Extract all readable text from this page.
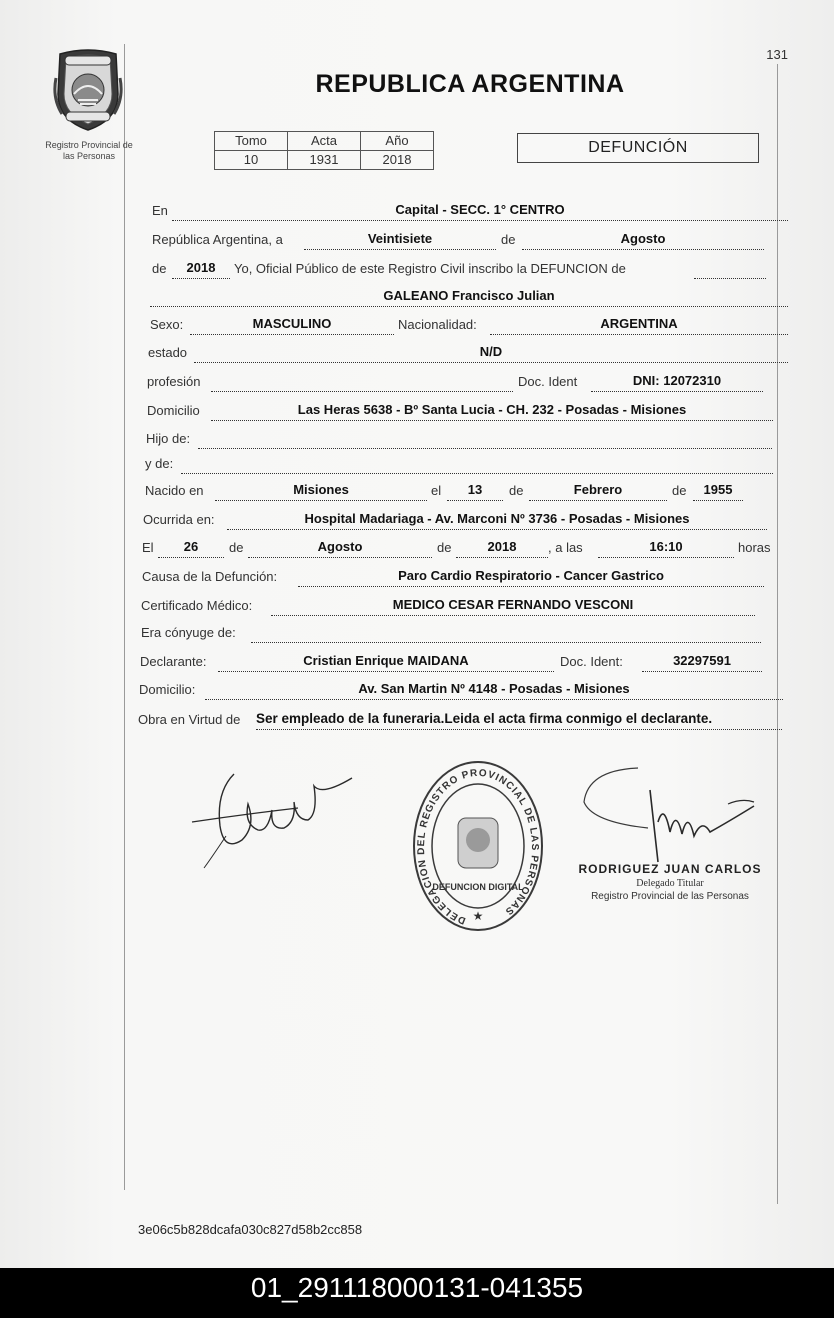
131
Registro Provincial de
las Personas
REPUBLICA ARGENTINA
Tomo	Acta	Año
10	1931	2018
DEFUNCIÓN
En	Capital - SECC. 1° CENTRO
República Argentina, a	Veintisiete	de	Agosto
de	2018	Yo, Oficial Público de este Registro Civil inscribo la DEFUNCION de
GALEANO Francisco Julian
Sexo:	MASCULINO	Nacionalidad:	ARGENTINA
estado	N/D
profesión	Doc. Ident	DNI: 12072310
Domicilio	Las Heras 5638 - Bº Santa Lucia - CH. 232 - Posadas - Misiones
Hijo de:
y de:
Nacido en	Misiones	el	13	de	Febrero	de	1955
Ocurrida en:	Hospital Madariaga - Av. Marconi Nº 3736 - Posadas - Misiones
El	26	de	Agosto	de	2018	, a las	16:10	horas
Causa de la Defunción:	Paro Cardio Respiratorio - Cancer Gastrico
Certificado Médico:	MEDICO CESAR FERNANDO VESCONI
Era cónyuge de:
Declarante:	Cristian Enrique MAIDANA	Doc. Ident:	32297591
Domicilio:	Av. San Martin Nº 4148 - Posadas - Misiones
Obra en Virtud de Ser empleado de la funeraria.Leida el acta firma conmigo el declarante.
DELEGACION DEL REGISTRO PROVINCIAL DE LAS PERSONAS
DEFUNCION DIGITAL
★
RODRIGUEZ JUAN CARLOS
Delegado Titular
Registro Provincial de las Personas
3e06c5b828dcafa030c827d58b2cc858
01_291118000131-041355
